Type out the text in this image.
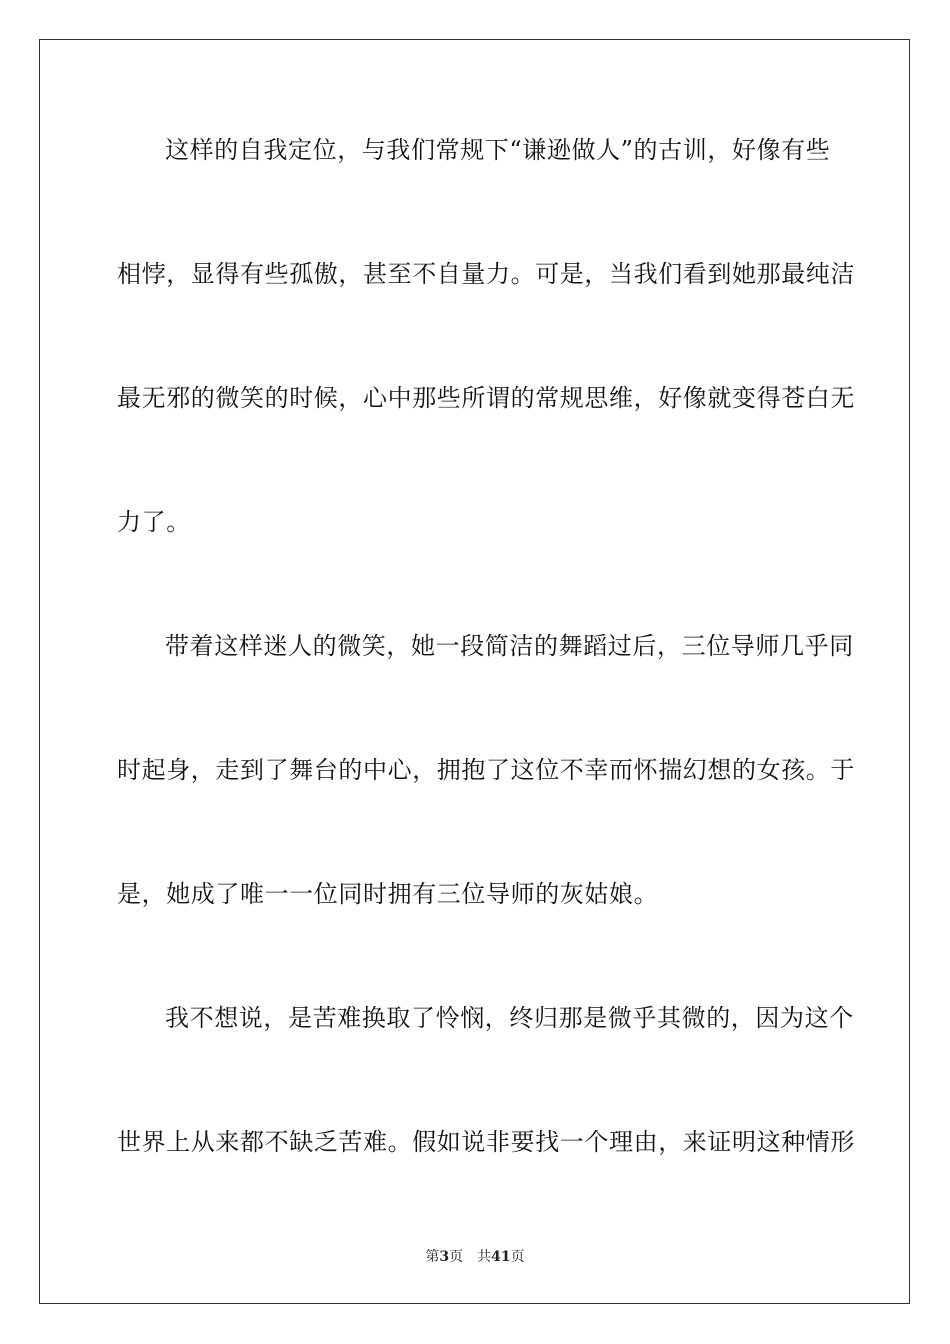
这样的自我定位，与我们常规下“谦逊做人”的古训，好像有些
相悖，显得有些孤傲，甚至不自量力。可是，当我们看到她那最纯洁
最无邪的微笑的时候，心中那些所谓的常规思维，好像就变得苍白无
力了。
带着这样迷人的微笑，她一段简洁的舞蹈过后，三位导师几乎同
时起身，走到了舞台的中心，拥抱了这位不幸而怀揣幻想的女孩。于
是，她成了唯一一位同时拥有三位导师的灰姑娘。
我不想说，是苦难换取了怜悯，终归那是微乎其微的，因为这个
世界上从来都不缺乏苦难。假如说非要找一个理由，来证明这种情形
第3页 共41页
